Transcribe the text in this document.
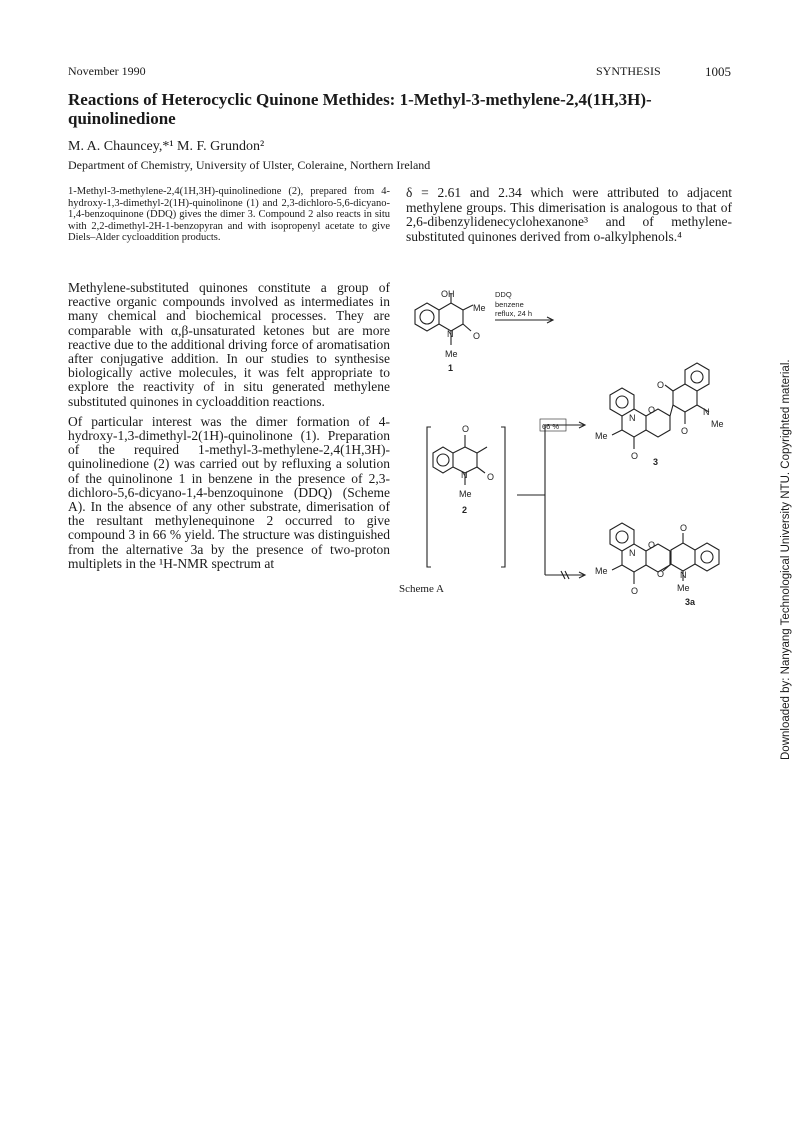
November 1990	SYNTHESIS	1005
Reactions of Heterocyclic Quinone Methides: 1-Methyl-3-methylene-2,4(1H,3H)-quinolinedione
M. A. Chauncey,*¹ M. F. Grundon²
Department of Chemistry, University of Ulster, Coleraine, Northern Ireland
1-Methyl-3-methylene-2,4(1H,3H)-quinolinedione (2), prepared from 4-hydroxy-1,3-dimethyl-2(1H)-quinolinone (1) and 2,3-dichloro-5,6-dicyano-1,4-benzoquinone (DDQ) gives the dimer 3. Compound 2 also reacts in situ with 2,2-dimethyl-2H-1-benzopyran and with isopropenyl acetate to give Diels–Alder cycloaddition products.
δ = 2.61 and 2.34 which were attributed to adjacent methylene groups. This dimerisation is analogous to that of 2,6-dibenzylidenecyclohexanone³ and of methylene-substituted quinones derived from o-alkylphenols.⁴

Methylene-substituted quinones constitute a group of reactive organic compounds involved as intermediates in many chemical and biochemical processes. They are comparable with α,β-unsaturated ketones but are more reactive due to the additional driving force of aromatisation after conjugative addition. In our studies to synthesise biologically active molecules, it was felt appropriate to explore the reactivity of in situ generated methylene substituted quinones in cycloaddition reactions.

Of particular interest was the dimer formation of 4-hydroxy-1,3-dimethyl-2(1H)-quinolinone (1). Preparation of the required 1-methyl-3-methylene-2,4(1H,3H)-quinolinedione (2) was carried out by refluxing a solution of the quinolinone 1 in benzene in the presence of 2,3-dichloro-5,6-dicyano-1,4-benzoquinone (DDQ) (Scheme A). In the absence of any other substrate, dimerisation of the resultant methylenequinone 2 occurred to give compound 3 in 66 % yield. The structure was distinguished from the alternative 3a by the presence of two-proton multiplets in the ¹H-NMR spectrum at

OH
Me
N O
Me
1
DDQ
benzene
reflux, 24 h
O
N O
Me
2
66 %
N
Me
O
O
O	N
Me
O
3
N
Me
O
O
O
O N
Me
3a
Scheme A	Downloaded by: Nanyang Technological University NTU. Copyrighted material.
